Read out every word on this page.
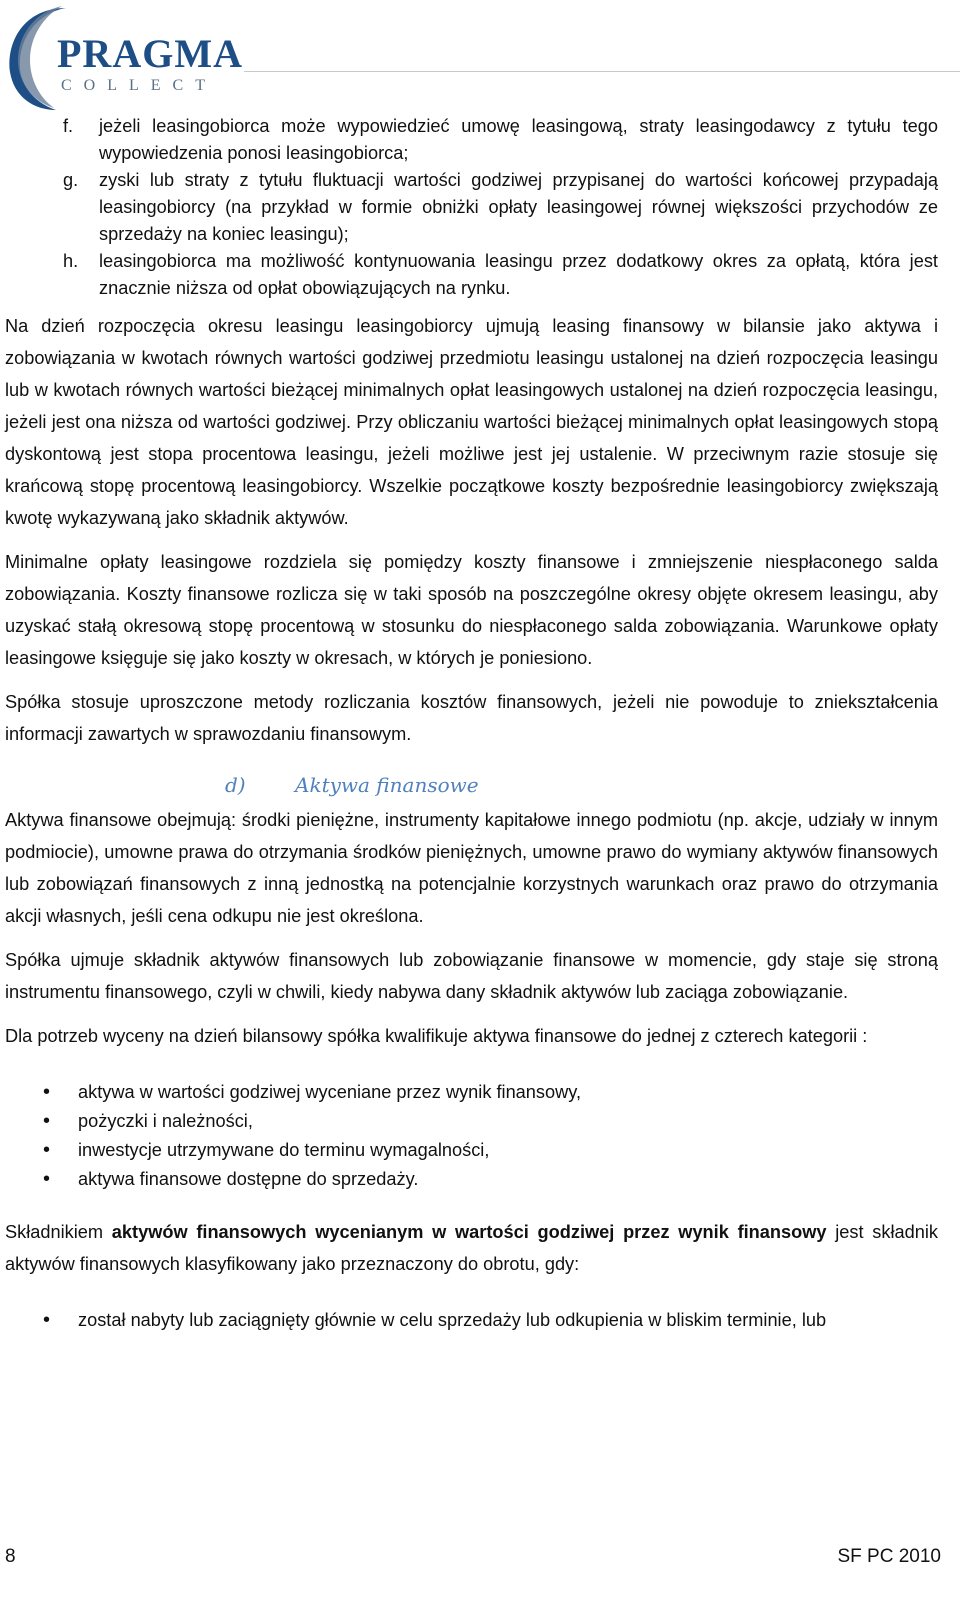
PRAGMA
COLLECT
f. jeżeli leasingobiorca może wypowiedzieć umowę leasingową, straty leasingodawcy z tytułu tego wypowiedzenia ponosi leasingobiorca;
g. zyski lub straty z tytułu fluktuacji wartości godziwej przypisanej do wartości końcowej przypadają leasingobiorcy (na przykład w formie obniżki opłaty leasingowej równej większości przychodów ze sprzedaży na koniec leasingu);
h. leasingobiorca ma możliwość kontynuowania leasingu przez dodatkowy okres za opłatą, która jest znacznie niższa od opłat obowiązujących na rynku.

Na dzień rozpoczęcia okresu leasingu leasingobiorcy ujmują leasing finansowy w bilansie jako aktywa i zobowiązania w kwotach równych wartości godziwej przedmiotu leasingu ustalonej na dzień rozpoczęcia leasingu lub w kwotach równych wartości bieżącej minimalnych opłat leasingowych ustalonej na dzień rozpoczęcia leasingu, jeżeli jest ona niższa od wartości godziwej. Przy obliczaniu wartości bieżącej minimalnych opłat leasingowych stopą dyskontową jest stopa procentowa leasingu, jeżeli możliwe jest jej ustalenie. W przeciwnym razie stosuje się krańcową stopę procentową leasingobiorcy. Wszelkie początkowe koszty bezpośrednie leasingobiorcy zwiększają kwotę wykazywaną jako składnik aktywów.

Minimalne opłaty leasingowe rozdziela się pomiędzy koszty finansowe i zmniejszenie niespłaconego salda zobowiązania. Koszty finansowe rozlicza się w taki sposób na poszczególne okresy objęte okresem leasingu, aby uzyskać stałą okresową stopę procentową w stosunku do niespłaconego salda zobowiązania. Warunkowe opłaty leasingowe księguje się jako koszty w okresach, w których je poniesiono.

Spółka stosuje uproszczone metody rozliczania kosztów finansowych, jeżeli nie powoduje to zniekształcenia informacji zawartych w sprawozdaniu finansowym.

d) Aktywa finansowe

Aktywa finansowe obejmują: środki pieniężne, instrumenty kapitałowe innego podmiotu (np. akcje, udziały w innym podmiocie), umowne prawa do otrzymania środków pieniężnych, umowne prawo do wymiany aktywów finansowych lub zobowiązań finansowych z inną jednostką na potencjalnie korzystnych warunkach oraz prawo do otrzymania akcji własnych, jeśli cena odkupu nie jest określona.

Spółka ujmuje składnik aktywów finansowych lub zobowiązanie finansowe w momencie, gdy staje się stroną instrumentu finansowego, czyli w chwili, kiedy nabywa dany składnik aktywów lub zaciąga zobowiązanie.

Dla potrzeb wyceny na dzień bilansowy spółka kwalifikuje aktywa finansowe do jednej z czterech kategorii :

• aktywa w wartości godziwej wyceniane przez wynik finansowy,
• pożyczki i należności,
• inwestycje utrzymywane do terminu wymagalności,
• aktywa finansowe dostępne do sprzedaży.

Składnikiem aktywów finansowych wycenianym w wartości godziwej przez wynik finansowy jest składnik aktywów finansowych klasyfikowany jako przeznaczony do obrotu, gdy:

• został nabyty lub zaciągnięty głównie w celu sprzedaży lub odkupienia w bliskim terminie, lub
8	SF PC 2010
